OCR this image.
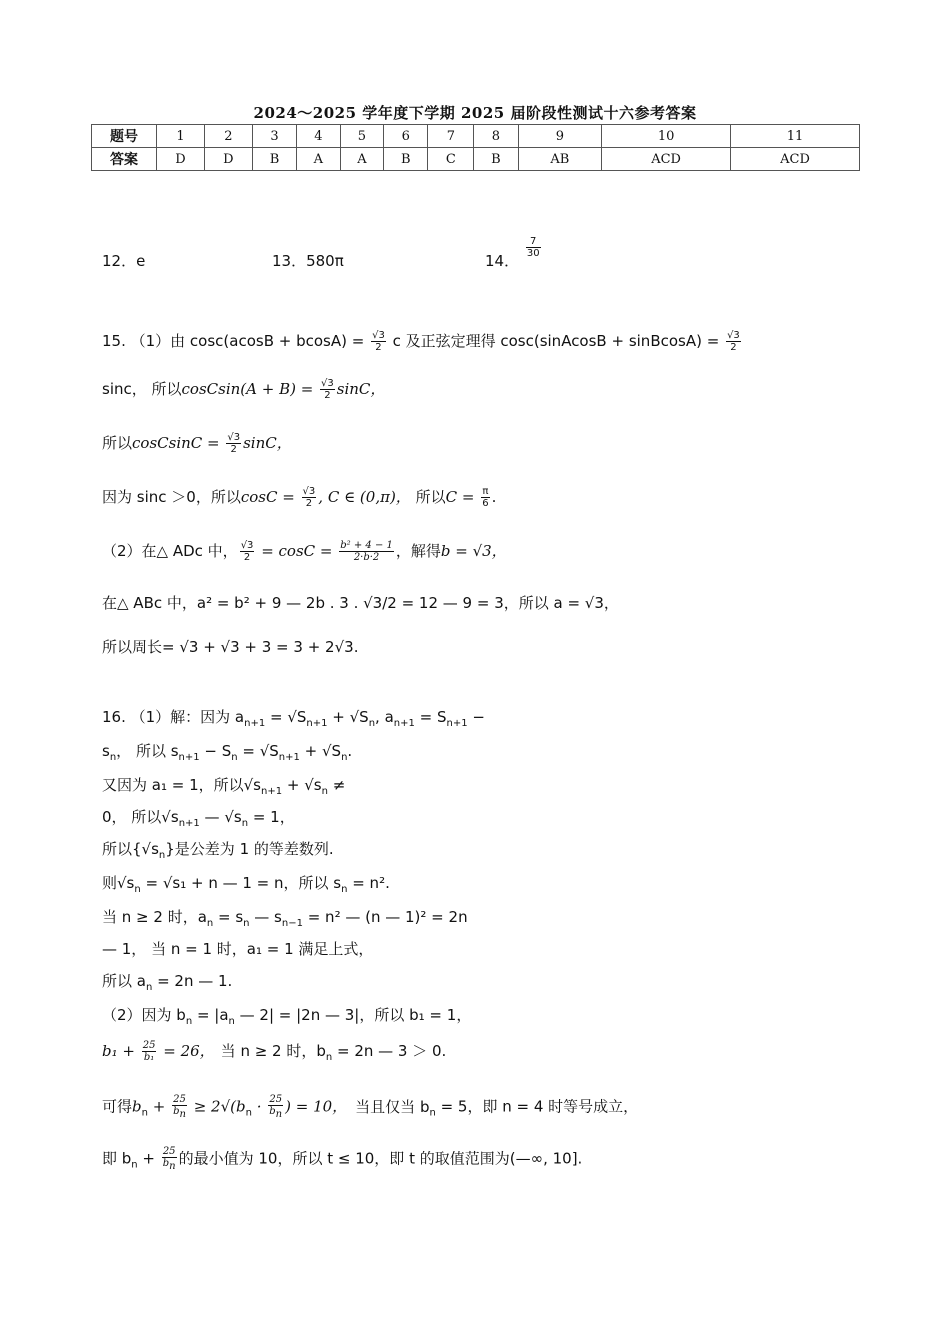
2024～2025 学年度下学期 2025 届阶段性测试十六参考答案
题号	1	2	3	4	5	6	7	8	9	10	11
答案	D	D	B	A	A	B	C	B	AB	ACD	ACD
12．e	13．580π	14．
$\frac{7}{30}$
15. （1）由 $\cos c(acosB + bcosA) = \frac{√3}{2}$ c 及正弦定理得 cosc(sinAcosB + sinBcosA) = $\frac{√3}{2}$
sinc， 所以cosCsin(A + $B) = \frac{√3}{2}$ sinC，
所以cosCsinC = $\frac{√3}{2}$ sinC，
因为 sinc ＞0，所以$\cos C = \frac{√3}{2}$ , C ∈ (0,π)， 所以$C = \frac{\pi}{6}$ .
（2）在△ ADc 中， $\frac{√3}{2} = \cos C = \frac{\text{b² + 4 − 1}}{2\cdot b\cdot 2}$ ，解得b = √3，
在△ ABc 中，a² = b² + 9 — 2b . 3 . √3/2 = 12 — 9 = 3，所以 a = √3，
所以周长= √3 + √3 + 3 = 3 + 2√3.
16. （1）解：因为 $a_{n+1} = √S_{n+1} + √S_n$, $a_{n+1} = S_{n+1}$ −
$s_n$， 所以 $s_{n+1} - S_n = √S_{n+1} + √S_n$.
又因为 a₁ = 1，所以$√s_{n+1} + √s_n$ ≠
0， 所以$√s_{n+1}$ — $√s_n = 1$，
所以$\{√s_n\}$是公差为 1 的等差数列.
则$√s_n = √s_1 + n$ — 1 = n，所以 $s_n = n^2$.
当 n ≥ 2 时，$a_n = s_n$ — $s_{n-1} = n^2$ — (n — 1)² = 2n
— 1， 当 n = 1 时，a₁ = 1 满足上式，
所以 $a_n = 2n$ — 1.
（2）因为 $b_n = |a_n$ — 2| = |2n — 3|，所以 b₁ = 1，
$b_1 + \frac{25}{\text{b₁}} = 26$， 当 n ≥ 2 时，$b_n = 2n$ — 3 ＞ 0.
可得$b_n + \frac{25}{b_n} \ge 2√(b_n \cdot \frac{25}{b_n}$ ) = 10， 当且仅当 $b_n = 5$，即 n = 4 时等号成立，
即 $b_n + \frac{25}{b_n}$ 的最小值为 10，所以 t ≤ 10，即 t 的取值范围为(—∞, 10].
